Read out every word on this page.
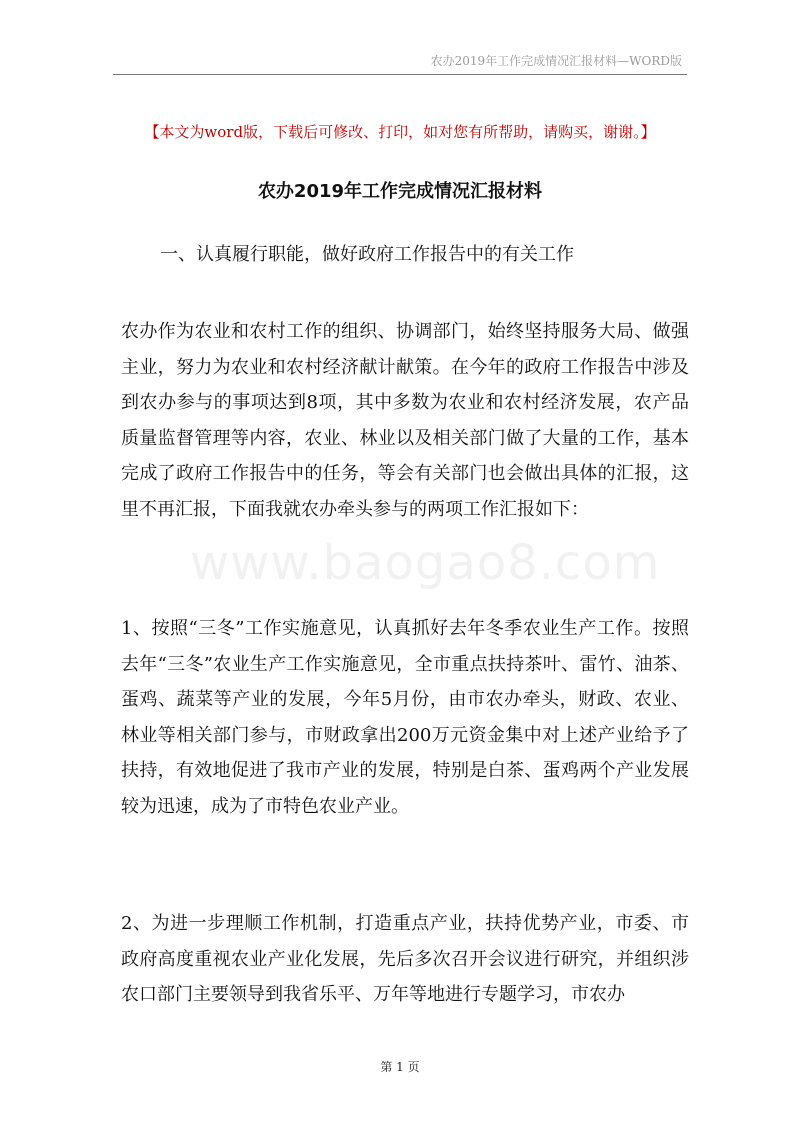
农办2019年工作完成情况汇报材料—WORD版
【本文为word版，下载后可修改、打印，如对您有所帮助，请购买，谢谢。】
农办2019年工作完成情况汇报材料
一、认真履行职能，做好政府工作报告中的有关工作
农办作为农业和农村工作的组织、协调部门，始终坚持服务大局、做强主业，努力为农业和农村经济献计献策。在今年的政府工作报告中涉及到农办参与的事项达到8项，其中多数为农业和农村经济发展，农产品质量监督管理等内容，农业、林业以及相关部门做了大量的工作，基本完成了政府工作报告中的任务，等会有关部门也会做出具体的汇报，这里不再汇报，下面我就农办牵头参与的两项工作汇报如下：
1、按照“三冬”工作实施意见，认真抓好去年冬季农业生产工作。按照去年“三冬”农业生产工作实施意见，全市重点扶持茶叶、雷竹、油茶、蛋鸡、蔬菜等产业的发展，今年5月份，由市农办牵头，财政、农业、林业等相关部门参与，市财政拿出200万元资金集中对上述产业给予了扶持，有效地促进了我市产业的发展，特别是白茶、蛋鸡两个产业发展较为迅速，成为了市特色农业产业。
2、为进一步理顺工作机制，打造重点产业，扶持优势产业，市委、市政府高度重视农业产业化发展，先后多次召开会议进行研究，并组织涉农口部门主要领导到我省乐平、万年等地进行专题学习，市农办
www.baogao8.com
第 1 页
